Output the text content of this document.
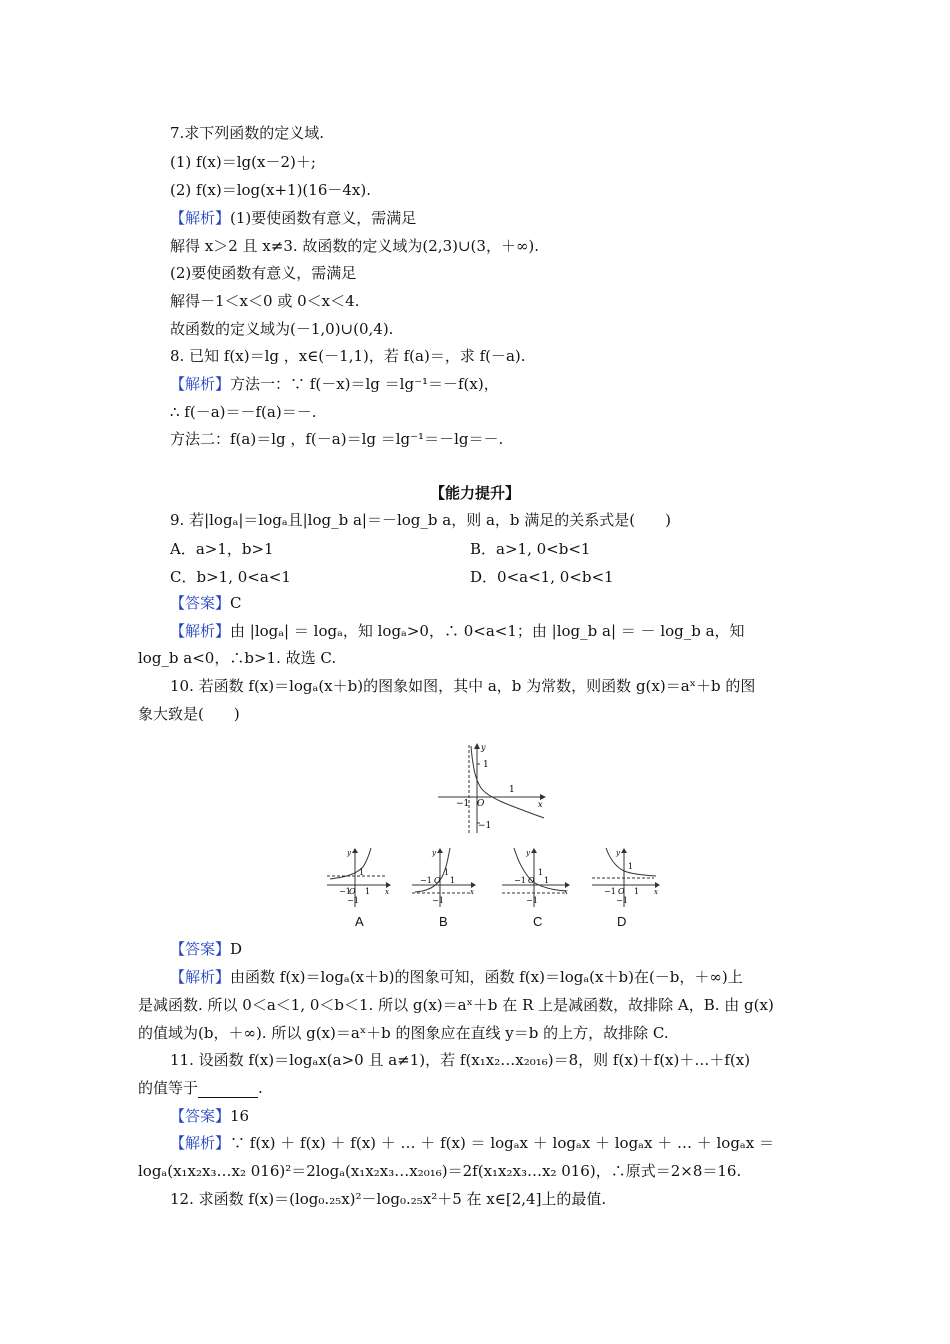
7.求下列函数的定义域.
(1) f(x)＝lg(x－2)＋;
(2) f(x)＝log(x+1)(16－4x).
【解析】(1)要使函数有意义，需满足
解得 x＞2 且 x≠3. 故函数的定义域为(2,3)∪(3，＋∞).
(2)要使函数有意义，需满足
解得－1＜x＜0 或 0＜x＜4.
故函数的定义域为(－1,0)∪(0,4).
8. 已知 f(x)＝lg ，x∈(－1,1)，若 f(a)＝，求 f(－a).
【解析】方法一：∵ f(－x)＝lg ＝lg⁻¹＝－f(x)，
∴ f(－a)＝－f(a)＝－.
方法二：f(a)＝lg ，f(－a)＝lg ＝lg⁻¹＝－lg＝－.
【能力提升】
9. 若|logₐ|＝logₐ且|log_b a|＝－log_b a，则 a，b 满足的关系式是(　　)
A．a>1，b>1	B．a>1, 0<b<1
C．b>1, 0<a<1	D．0<a<1, 0<b<1
【答案】C
【解析】由 |logₐ| ＝ logₐ，知 logₐ>0，∴ 0<a<1；由 |log_b a| ＝ － log_b a，知
log_b a<0，∴b>1. 故选 C.
10. 若函数 f(x)＝logₐ(x＋b)的图象如图，其中 a，b 为常数，则函数 g(x)＝aˣ＋b 的图
象大致是(　　)
1
−1 O
1
x
y
−1
1
−1
O 1
−1
x
y
A
1
−1 O 1
−1
x
y
B
1
−1 O 1
−1
x
y
C
1
−1 O 1
−1
x
y
D
【答案】D
【解析】由函数 f(x)＝logₐ(x＋b)的图象可知，函数 f(x)＝logₐ(x＋b)在(－b，＋∞)上
是减函数. 所以 0＜a＜1, 0＜b＜1. 所以 g(x)＝aˣ＋b 在 R 上是减函数，故排除 A，B. 由 g(x)
的值域为(b，＋∞). 所以 g(x)＝aˣ＋b 的图象应在直线 y＝b 的上方，故排除 C.
11. 设函数 f(x)＝logₐx(a>0 且 a≠1)，若 f(x₁x₂…x₂₀₁₆)＝8，则 f(x)＋f(x)＋…＋f(x)
的值等于	.
【答案】16
【解析】∵ f(x) ＋ f(x) ＋ f(x) ＋ … ＋ f(x) ＝ logₐx ＋ logₐx ＋ logₐx ＋ … ＋ logₐx ＝
logₐ(x₁x₂x₃…x₂ 016)²＝2logₐ(x₁x₂x₃…x₂₀₁₆)＝2f(x₁x₂x₃…x₂ 016)，∴原式＝2×8＝16.
12. 求函数 f(x)＝(log₀.₂₅x)²－log₀.₂₅x²＋5 在 x∈[2,4]上的最值.
